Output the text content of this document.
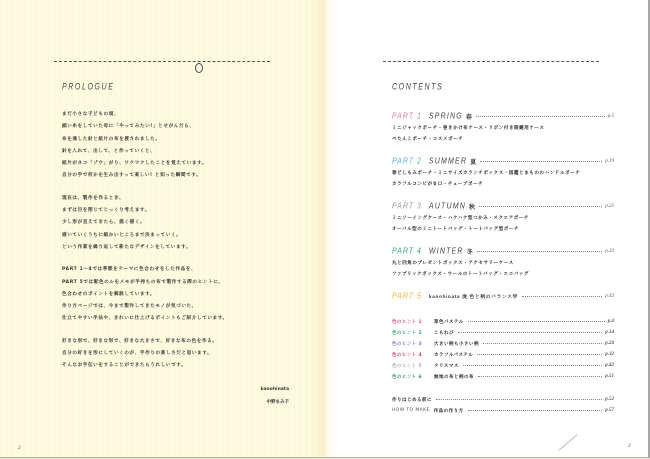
PROLOGUE
まだ小さな子どもの頃、
細い糸をしていた母に「やってみたい!」とせがんだら、
糸を通した針と紙片の布を渡されました。
針を入れて、出して、と作っていくと、
紙片がネコ「ゾウ」がり、ワクワクしたことを覚えています。
自分の手で何かを生み出すって楽しい! と知った瞬間です。
現在は、製作を作るとき、
まずは目を閉じてじっくり考えます。
少し形が見えてきたら、描く描く。
描いていくうちに細かいところまで決まっていく。
という作業を繰り返して新たなデザインをしています。
PART 1〜4では季節をテーマに色合わせをした作品を、
PART 5では配色のルをメモが手持ちの布で製作する際のヒントに、
色合わせのポイントを解説しています。
作り方ページでは、今まで製作してきたモノが気づいた、
仕立てやすい手法や、きれいに仕上げるポイントもご紹介しています。
好きな形で、好きな形で、好きな大きさで、好きな布の色を作る。
自分の好きを形にしていくのが、手作りの楽しさだと思います。
そんなお手伝いをすることができたらうれしいです。
kanohinata
中野まみ子
2	3
CONTENTS
PART 1 SPRING 春	p.5
ミニジャックポーチ・巻きかけ布ケース・リボン付き眼鏡用ケース
ぺたんこポーチ・コスメポーチ
PART 2 SUMMER 夏	p.19
春どしもみポーチ・ミニサイズカランチボックス・図鑑とまもののハンドルポーチ
カラフルコンビがま口・チューブポーチ
PART 3 AUTUMN 秋	p.25
ミニソーイングケース・ハクハク型つかみ・スクエアポーチ
オーバル型のミニトートバッグ・トートバッグ型ポーチ
PART 4 WINTER 冬	p.33
丸と四角のプレゼントボックス・アクセサリーケース
ファブリックボックス・ウールのトートバッグ・エコバッグ
PART 5 kanohinata 流 色と柄のバランス学	p.43
色のヒント 1	草色パステル	p.4
色のヒント 2	こもれび	p.14
色のヒント 3	大きい柄も小さい柄	p.24
色のヒント 4	カラフルパステル	p.32
色のヒント 5	クリスマス	p.42
色のヒント 6	無地の布と柄の布	p.51
作りはじめる前に	p.52
HOW TO MAKE 作品の作り方	p.57
